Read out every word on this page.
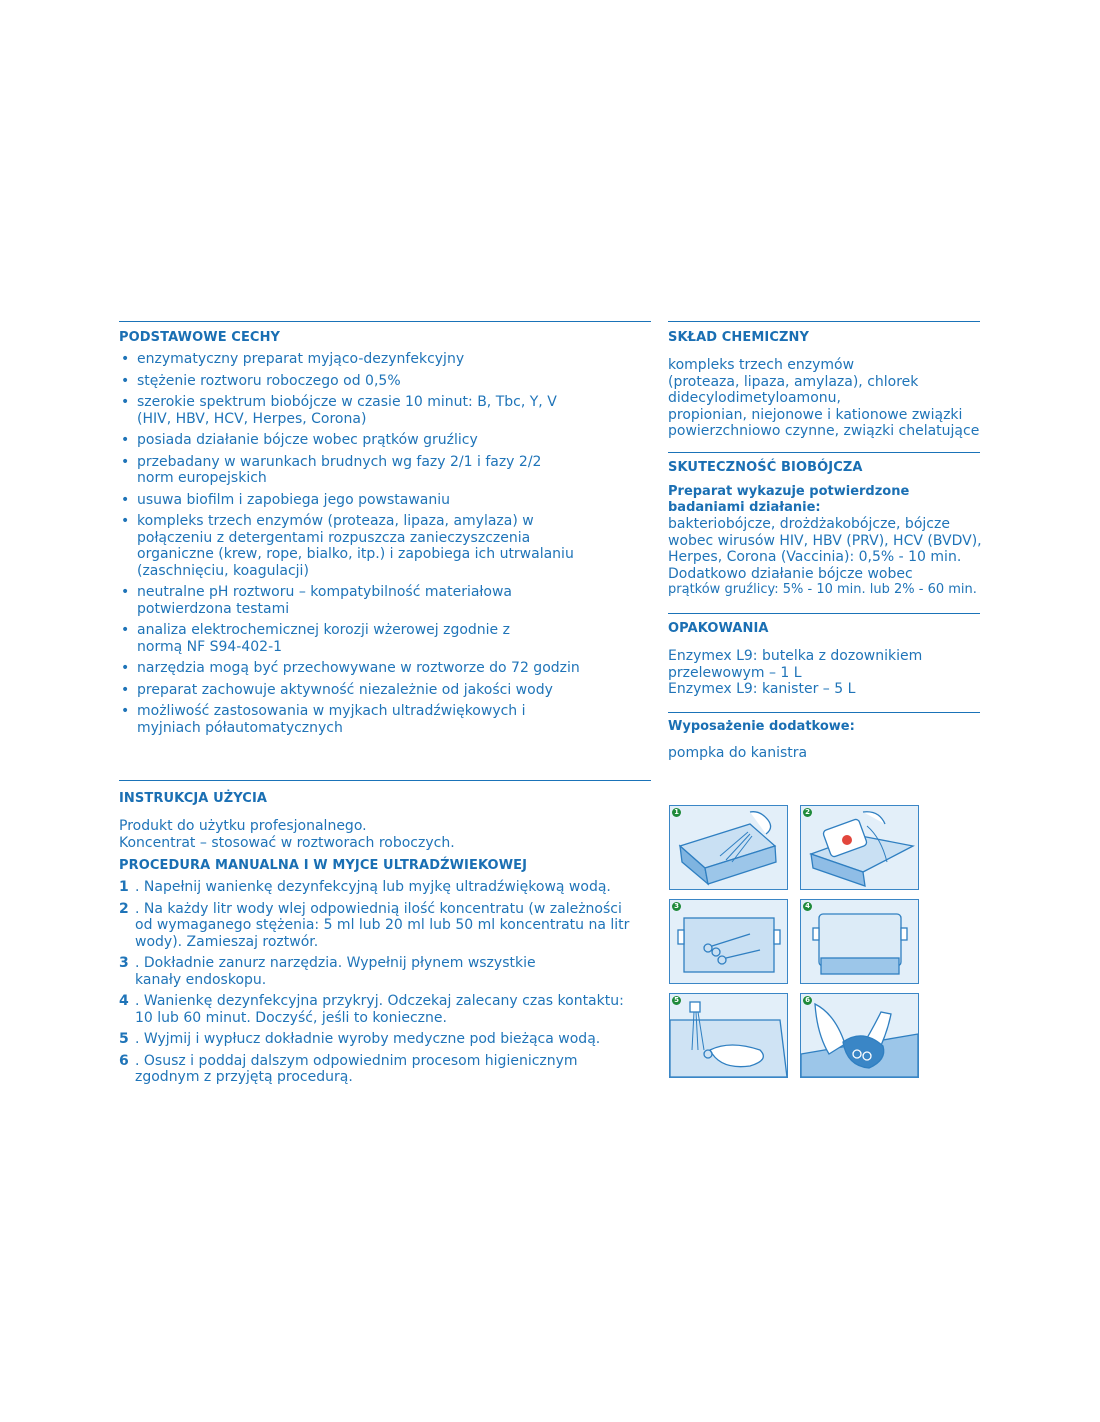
PODSTAWOWE CECHY

• enzymatyczny preparat myjąco-dezynfekcyjny
• stężenie roztworu roboczego od 0,5%
• szerokie spektrum biobójcze w czasie 10 minut: B, Tbc, Y, V (HIV, HBV, HCV, Herpes, Corona)
• posiada działanie bójcze wobec prątków gruźlicy
• przebadany w warunkach brudnych wg fazy 2/1 i fazy 2/2 norm europejskich
• usuwa biofilm i zapobiega jego powstawaniu
• kompleks trzech enzymów (proteaza, lipaza, amylaza) w połączeniu z detergentami rozpuszcza zanieczyszczenia organiczne (krew, rope, bialko, itp.) i zapobiega ich utrwalaniu (zaschnięciu, koagulacji)
• neutralne pH roztworu – kompatybilność materiałowa potwierdzona testami
• analiza elektrochemicznej korozji wżerowej zgodnie z normą NF S94-402-1
• narzędzia mogą być przechowywane w roztworze do 72 godzin
• preparat zachowuje aktywność niezależnie od jakości wody
• możliwość zastosowania w myjkach ultradźwiękowych i myjniach półautomatycznych

INSTRUKCJA UŻYCIA

Produkt do użytku profesjonalnego.
Koncentrat – stosować w roztworach roboczych.

PROCEDURA MANUALNA I W MYJCE ULTRADŹWIEKOWEJ

1 . Napełnij wanienkę dezynfekcyjną lub myjkę ultradźwiękową wodą.
2 . Na każdy litr wody wlej odpowiednią ilość koncentratu (w zależności od wymaganego stężenia: 5 ml lub 20 ml lub 50 ml koncentratu na litr wody). Zamieszaj roztwór.
3 . Dokładnie zanurz narzędzia. Wypełnij płynem wszystkie kanały endoskopu.
4 . Wanienkę dezynfekcyjna przykryj. Odczekaj zalecany czas kontaktu: 10 lub 60 minut. Doczyść, jeśli to konieczne.
5 . Wyjmij i wypłucz dokładnie wyroby medyczne pod bieżąca wodą.
6 . Osusz i poddaj dalszym odpowiednim procesom higienicznym zgodnym z przyjętą procedurą.

SKŁAD CHEMICZNY

kompleks trzech enzymów
(proteaza, lipaza, amylaza), chlorek
didecylodimetyloamonu,
propionian, niejonowe i kationowe związki
powierzchniowo czynne, związki chelatujące

SKUTECZNOŚĆ BIOBÓJCZA

Preparat wykazuje potwierdzone badaniami działanie:
bakteriobójcze, drożdżakobójcze, bójcze
wobec wirusów HIV, HBV (PRV), HCV (BVDV),
Herpes, Corona (Vaccinia): 0,5% - 10 min.
Dodatkowo działanie bójcze wobec
prątków gruźlicy: 5% - 10 min. lub 2% - 60 min.

OPAKOWANIA

Enzymex L9: butelka z dozownikiem
przelewowym – 1 L
Enzymex L9: kanister – 5 L

Wyposażenie dodatkowe:

pompka do kanistra
1	2
3	4
5	6
